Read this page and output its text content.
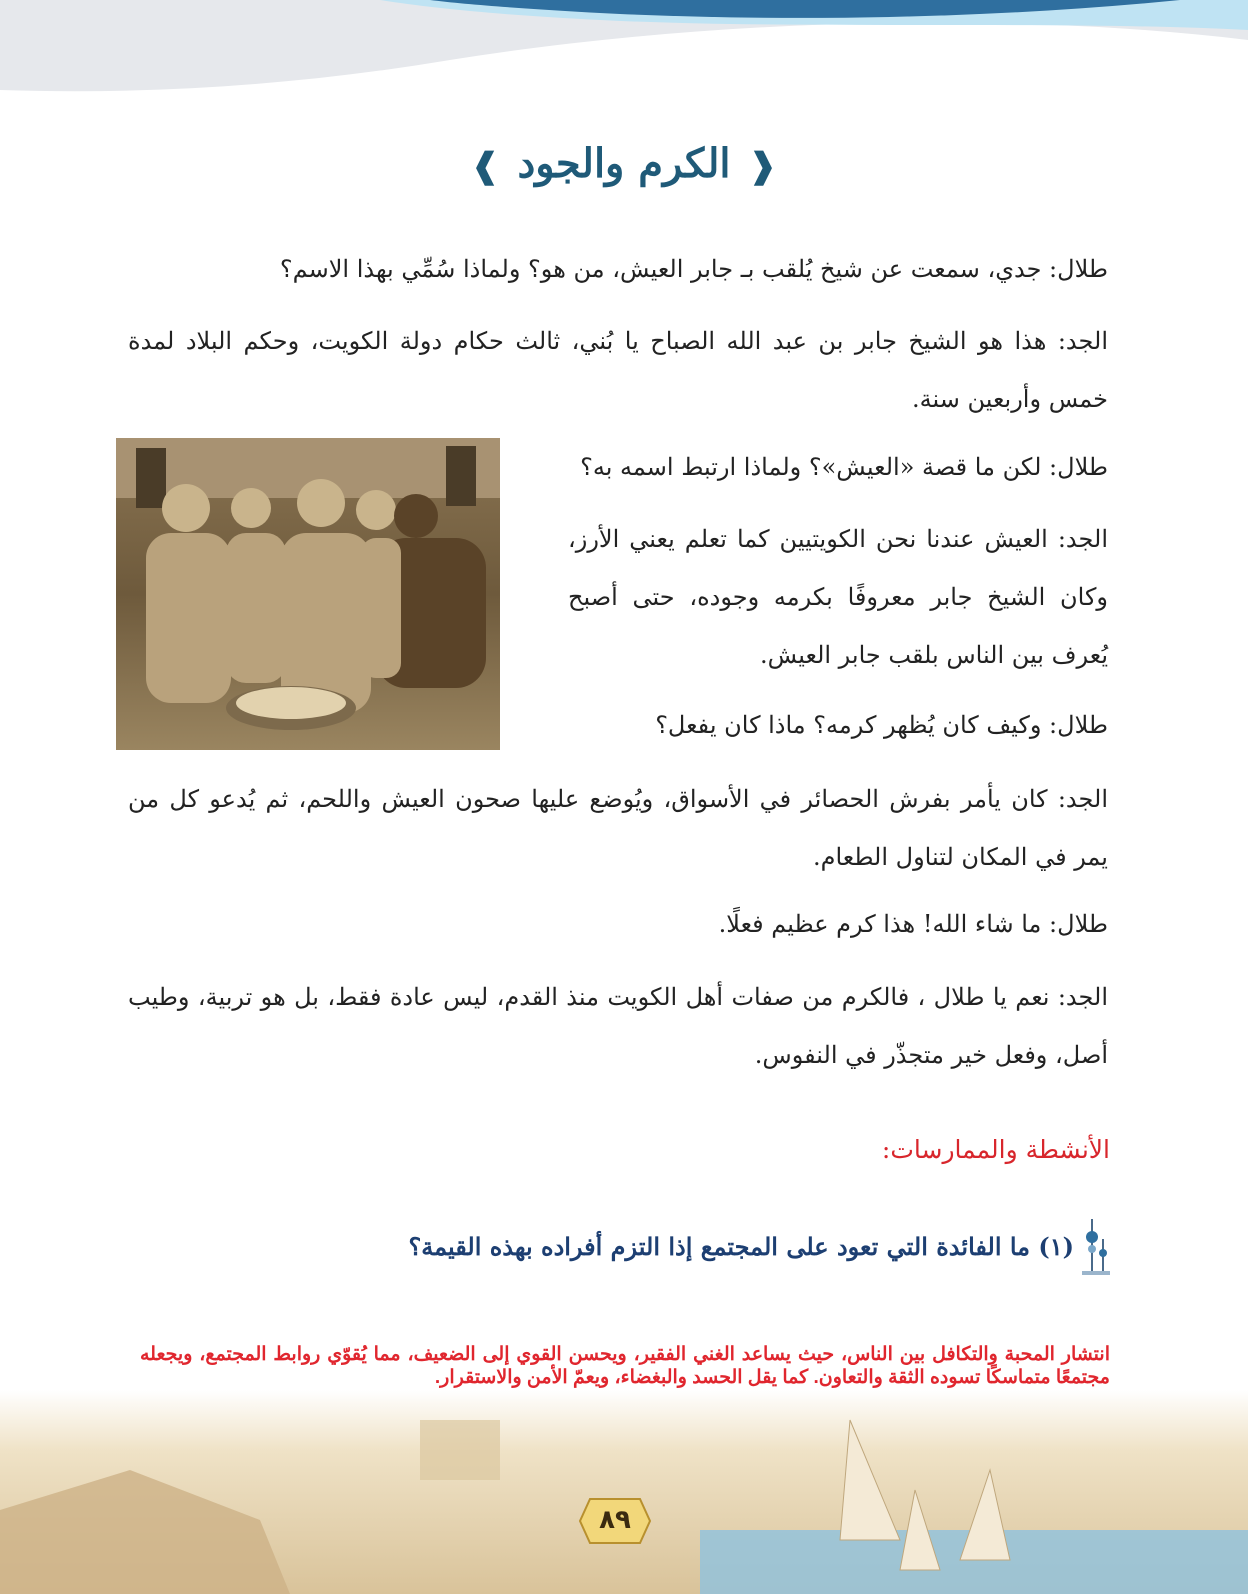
❰الكرم والجود❱
طلال: جدي، سمعت عن شيخ يُلقب بـ جابر العيش، من هو؟ ولماذا سُمِّي بهذا الاسم؟
الجد: هذا هو الشيخ جابر بن عبد الله الصباح يا بُني، ثالث حكام دولة الكويت، وحكم البلاد لمدة خمس وأربعين سنة.
طلال: لكن ما قصة «العيش»؟ ولماذا ارتبط اسمه به؟
الجد: العيش عندنا نحن الكويتيين كما تعلم يعني الأرز، وكان الشيخ جابر معروفًا بكرمه وجوده، حتى أصبح يُعرف بين الناس بلقب جابر العيش.
طلال: وكيف كان يُظهر كرمه؟ ماذا كان يفعل؟
الجد: كان يأمر بفرش الحصائر في الأسواق، ويُوضع عليها صحون العيش واللحم، ثم يُدعو كل من يمر في المكان لتناول الطعام.
طلال: ما شاء الله! هذا كرم عظيم فعلًا.
الجد: نعم يا طلال ، فالكرم من صفات أهل الكويت منذ القدم، ليس عادة فقط، بل هو تربية، وطيب أصل، وفعل خير متجذّر في النفوس.
الأنشطة والممارسات:
(١) ما الفائدة التي تعود على المجتمع إذا التزم أفراده بهذه القيمة؟
انتشار المحبة والتكافل بين الناس، حيث يساعد الغني الفقير، ويحسن القوي إلى الضعيف، مما يُقوّي روابط المجتمع، ويجعله مجتمعًا متماسكًا تسوده الثقة والتعاون. كما يقل الحسد والبغضاء، ويعمّ الأمن والاستقرار.
٨٩
